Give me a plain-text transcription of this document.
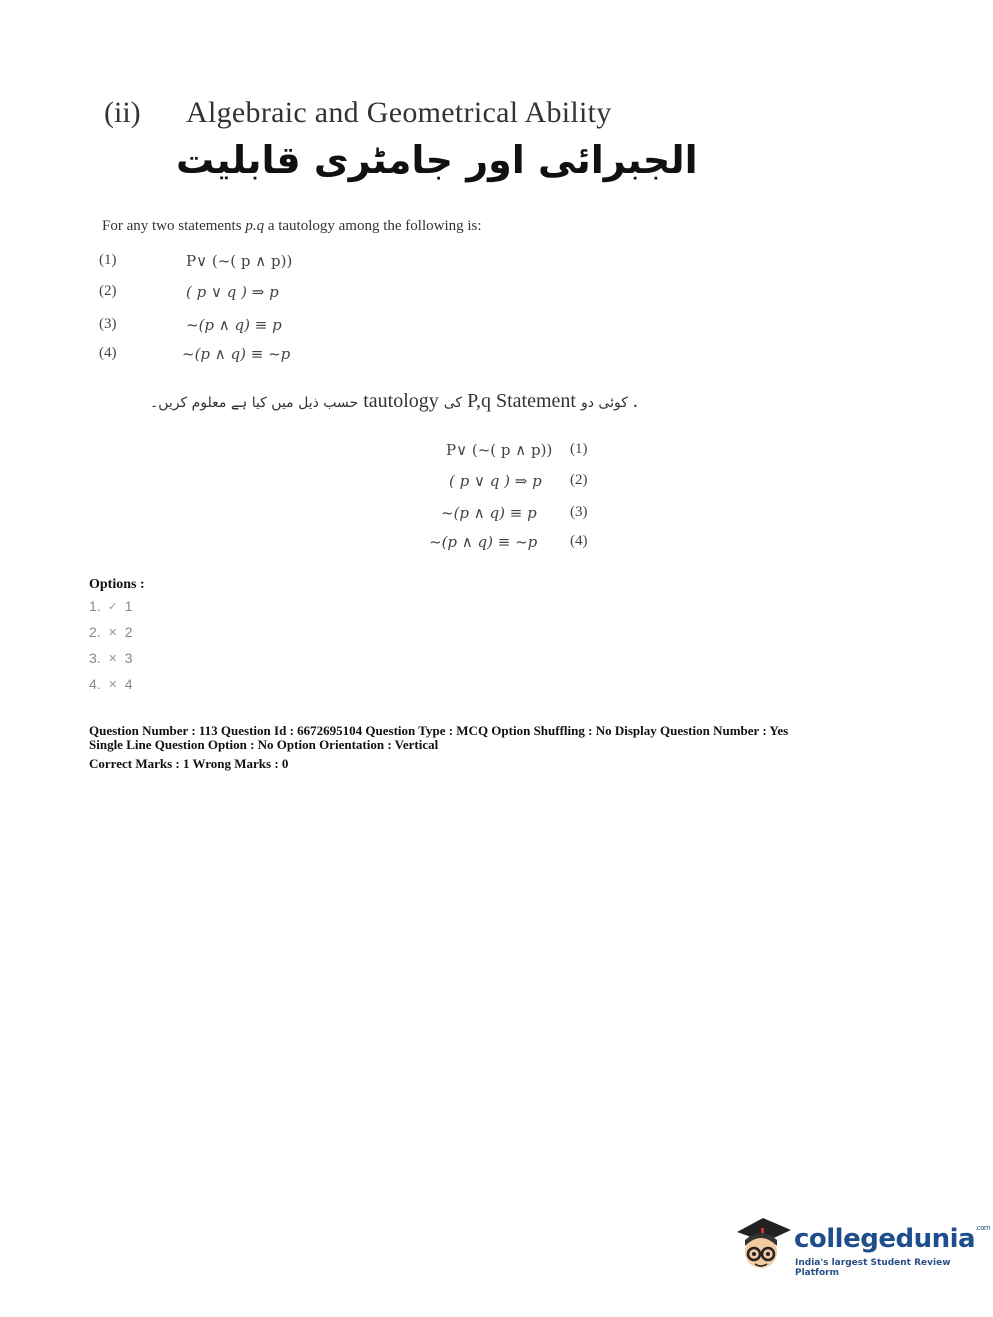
(ii) Algebraic and Geometrical Ability
الجبرائی اور جامٹری قابلیت
For any two statements p.q a tautology among the following is:
(1)	P∨ (~( p ∧ p))
(2)	( p ∨ q ) ⇒ p
(3)	~(p ∧ q) ≡ p
(4)	~(p ∧ q) ≡ ~p
حسب ذیل میں کیا ہے معلوم کریں۔ tautology کی P,q Statement کوئی دو .
P∨ (~( p ∧ p)) (1)
( p ∨ q ) ⇒ p (2)
~(p ∧ q) ≡ p (3)
~(p ∧ q) ≡ ~p (4)
Options :
1. ✓ 1
2. ✕ 2
3. ✕ 3
4. ✕ 4
Question Number : 113 Question Id : 6672695104 Question Type : MCQ Option Shuffling : No Display Question Number : Yes
Single Line Question Option : No Option Orientation : Vertical
Correct Marks : 1 Wrong Marks : 0
collegedunia$^{.com}$
India's largest Student Review Platform
